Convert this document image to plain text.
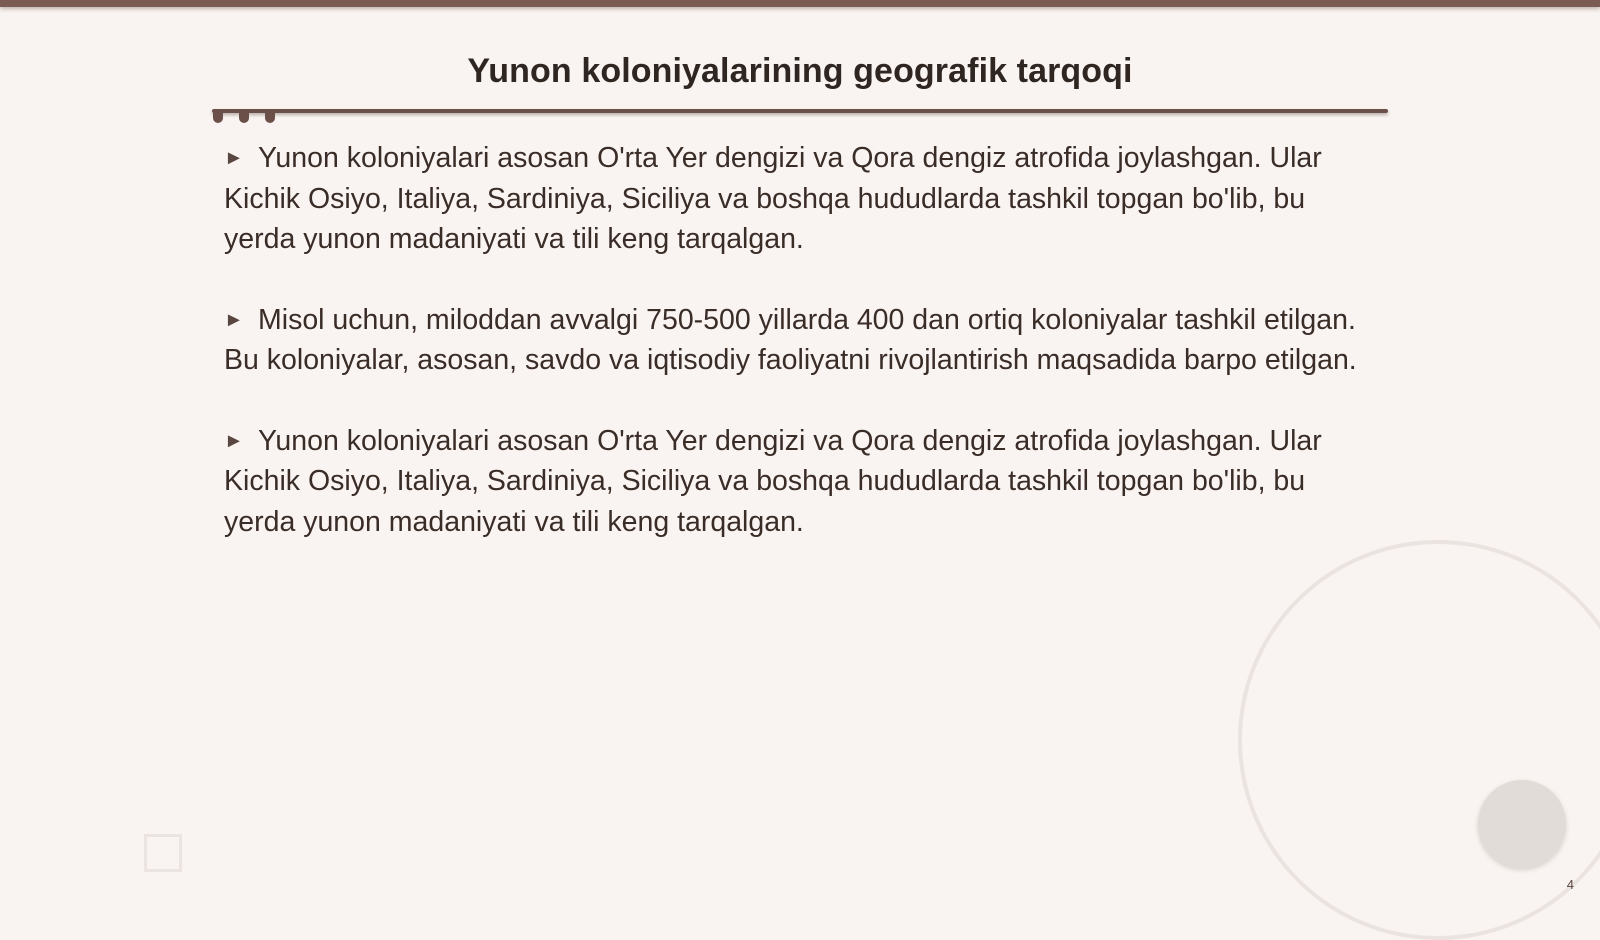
Yunon koloniyalarining geografik tarqoqi
► Yunon koloniyalari asosan O'rta Yer dengizi va Qora dengiz atrofida joylashgan. Ular Kichik Osiyo, Italiya, Sardiniya, Siciliya va boshqa hududlarda tashkil topgan bo'lib, bu yerda yunon madaniyati va tili keng tarqalgan.
► Misol uchun, miloddan avvalgi 750-500 yillarda 400 dan ortiq koloniyalar tashkil etilgan. Bu koloniyalar, asosan, savdo va iqtisodiy faoliyatni rivojlantirish maqsadida barpo etilgan.
► Yunon koloniyalari asosan O'rta Yer dengizi va Qora dengiz atrofida joylashgan. Ular Kichik Osiyo, Italiya, Sardiniya, Siciliya va boshqa hududlarda tashkil topgan bo'lib, bu yerda yunon madaniyati va tili keng tarqalgan.
4
